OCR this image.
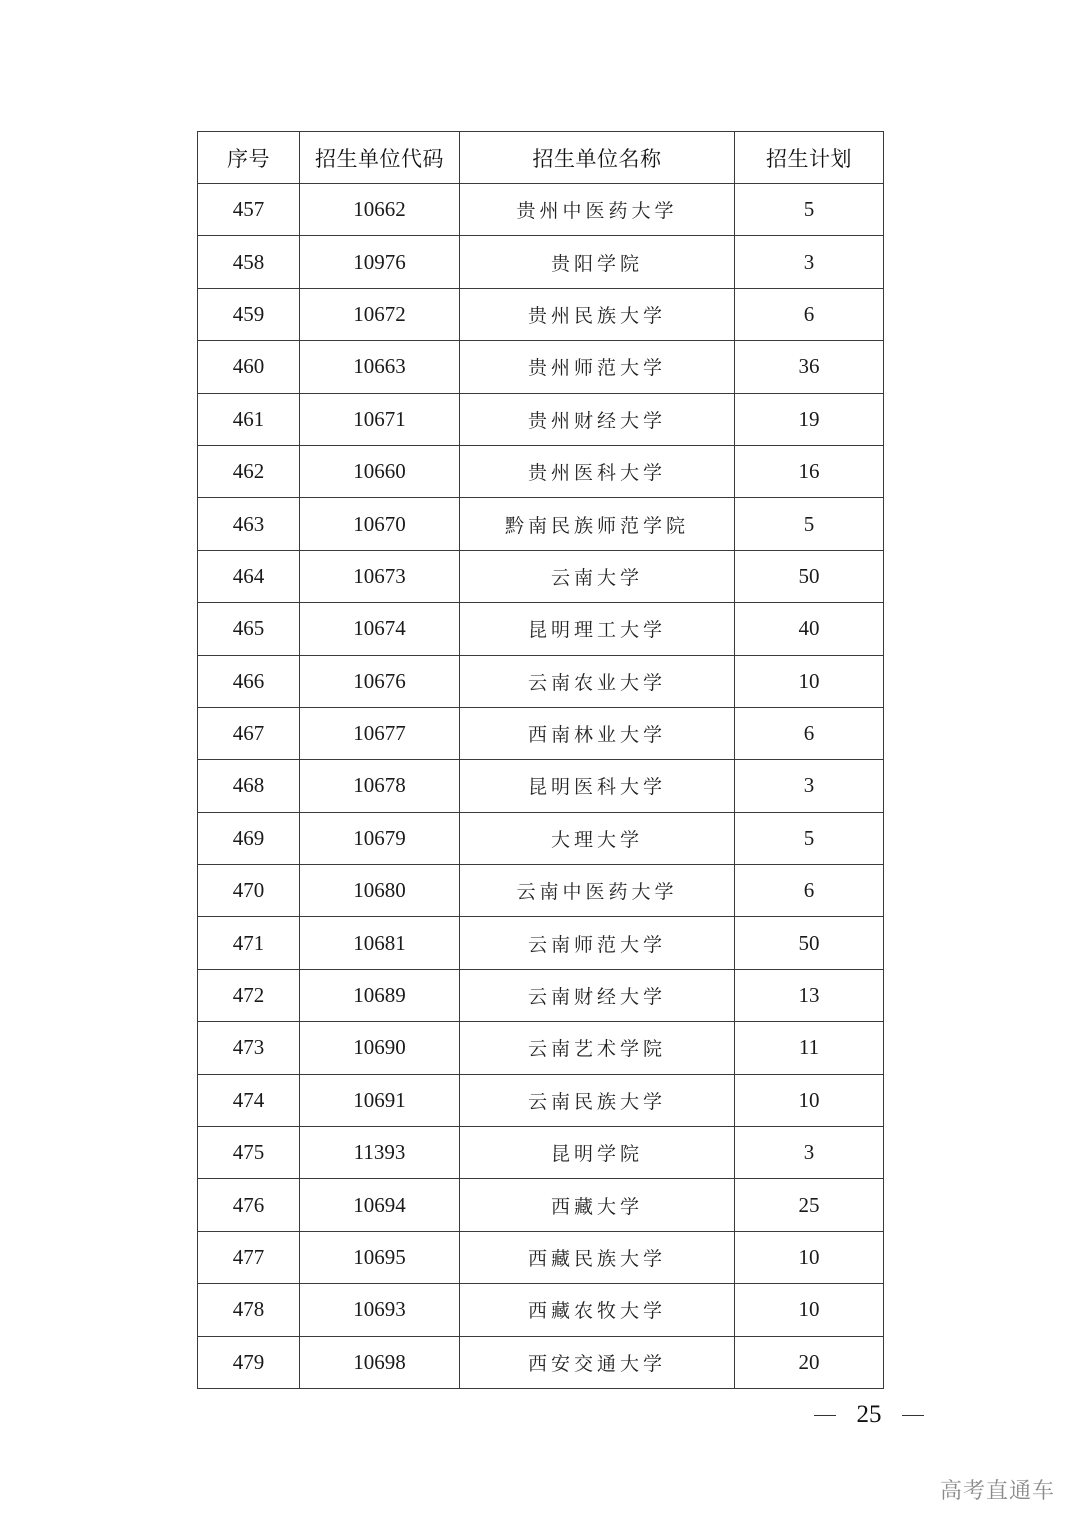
序号	招生单位代码	招生单位名称	招生计划
457	10662	贵州中医药大学	5
458	10976	贵阳学院	3
459	10672	贵州民族大学	6
460	10663	贵州师范大学	36
461	10671	贵州财经大学	19
462	10660	贵州医科大学	16
463	10670	黔南民族师范学院	5
464	10673	云南大学	50
465	10674	昆明理工大学	40
466	10676	云南农业大学	10
467	10677	西南林业大学	6
468	10678	昆明医科大学	3
469	10679	大理大学	5
470	10680	云南中医药大学	6
471	10681	云南师范大学	50
472	10689	云南财经大学	13
473	10690	云南艺术学院	11
474	10691	云南民族大学	10
475	11393	昆明学院	3
476	10694	西藏大学	25
477	10695	西藏民族大学	10
478	10693	西藏农牧大学	10
479	10698	西安交通大学	20
25
高考直通车
